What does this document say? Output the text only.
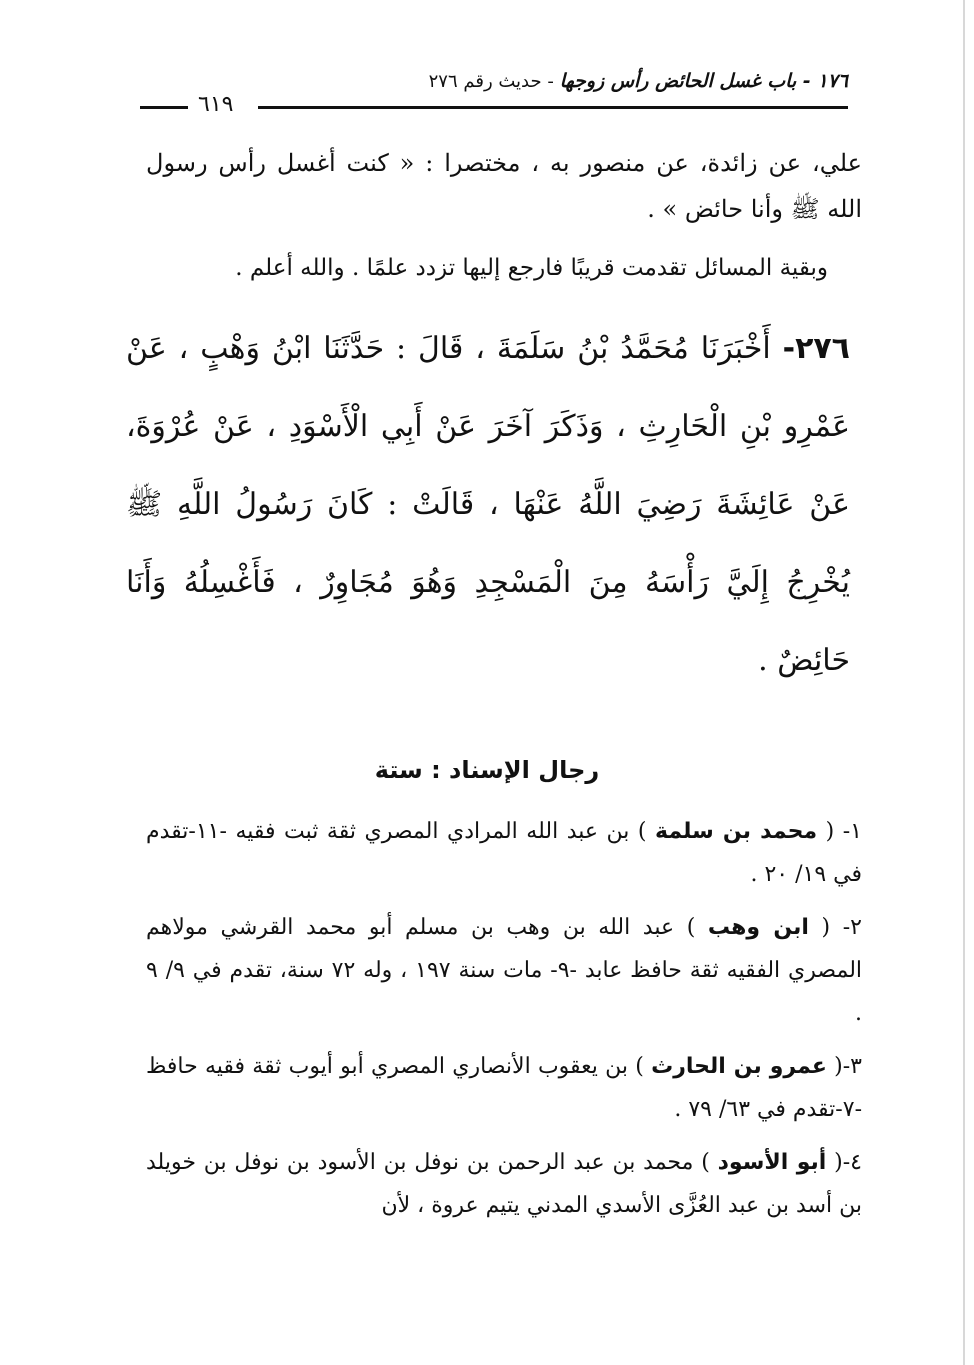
١٧٦ - باب غسل الحائض رأس زوجها - حديث رقم ٢٧٦
٦١٩
علي، عن زائدة، عن منصور به ، مختصرا : « كنت أغسل رأس رسول الله ﷺ وأنا حائض » .
وبقية المسائل تقدمت قريبًا فارجع إليها تزدد علمًا . والله أعلم .
٢٧٦- أَخْبَرَنَا مُحَمَّدُ بْنُ سَلَمَةَ ، قَالَ : حَدَّثَنَا ابْنُ وَهْبٍ ، عَنْ عَمْرِو بْنِ الْحَارِثِ ، وَذَكَرَ آخَرَ عَنْ أَبِي الْأَسْوَدِ ، عَنْ عُرْوَةَ، عَنْ عَائِشَةَ رَضِيَ اللَّهُ عَنْهَا ، قَالَتْ : كَانَ رَسُولُ اللَّهِ ﷺ يُخْرِجُ إِلَيَّ رَأْسَهُ مِنَ الْمَسْجِدِ وَهُوَ مُجَاوِرٌ ، فَأَغْسِلُهُ وَأَنَا حَائِضٌ .
رجال الإسناد : ستة

١- ( محمد بن سلمة ) بن عبد الله المرادي المصري ثقة ثبت فقيه -١١-تقدم في ١٩/ ٢٠ .

٢- ( ابن وهب ) عبد الله بن وهب بن مسلم أبو محمد القرشي مولاهم المصري الفقيه ثقة حافظ عابد -٩- مات سنة ١٩٧ ، وله ٧٢ سنة، تقدم في ٩/ ٩ .

٣-( عمرو بن الحارث ) بن يعقوب الأنصاري المصري أبو أيوب ثقة فقيه حافظ -٧-تقدم في ٦٣/ ٧٩ .

٤-( أبو الأسود ) محمد بن عبد الرحمن بن نوفل بن الأسود بن نوفل بن خويلد بن أسد بن عبد العُزَّى الأسدي المدني يتيم عروة ، لأن
